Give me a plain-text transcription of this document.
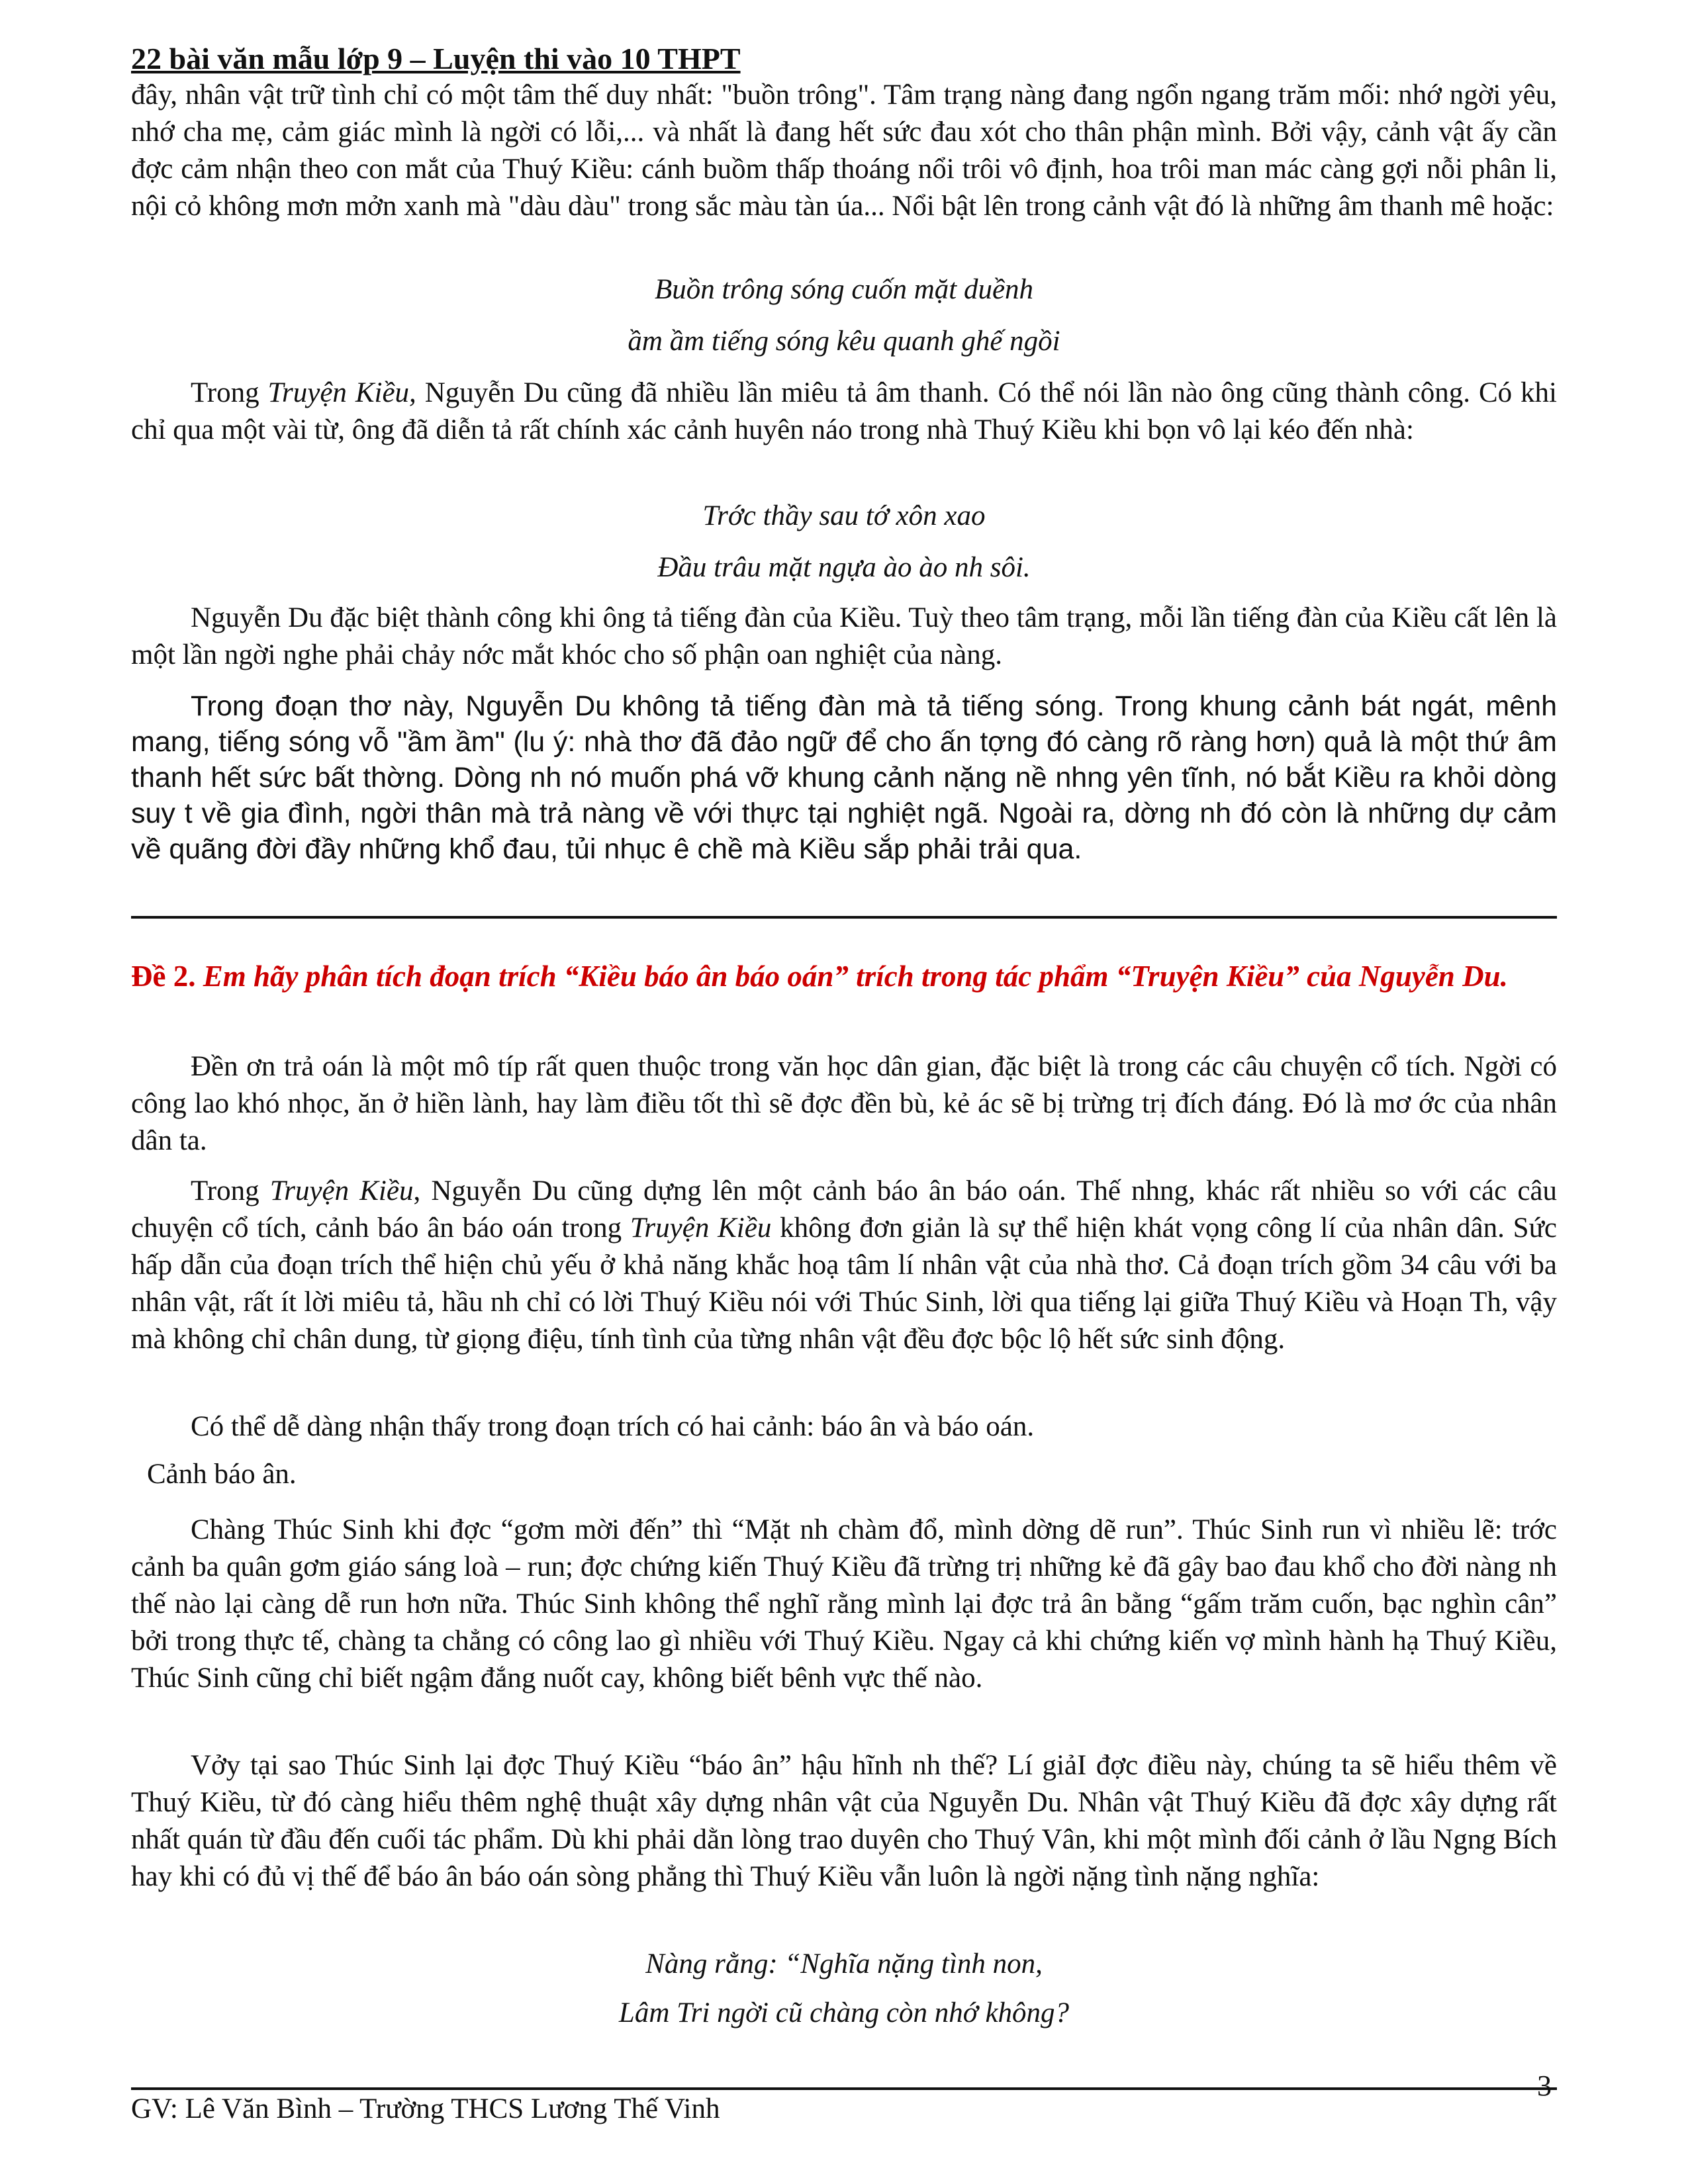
22 bài văn mẫu lớp 9 – Luyện thi vào 10 THPT

đây, nhân vật trữ tình chỉ có một tâm thế duy nhất: "buồn trông". Tâm trạng nàng đang ngổn ngang trăm mối: nhớ ngời yêu, nhớ cha mẹ, cảm giác mình là ngời có lỗi,... và nhất là đang hết sức đau xót cho thân phận mình. Bởi vậy, cảnh vật ấy cần đợc cảm nhận theo con mắt của Thuý Kiều: cánh buồm thấp thoáng nổi trôi vô định, hoa trôi man mác càng gợi nỗi phân li, nội cỏ không mơn mởn xanh mà "dàu dàu" trong sắc màu tàn úa... Nổi bật lên trong cảnh vật đó là những âm thanh mê hoặc:

Buồn trông sóng cuốn mặt duềnh

ầm ầm tiếng sóng kêu quanh ghế ngồi

Trong Truyện Kiều, Nguyễn Du cũng đã nhiều lần miêu tả âm thanh. Có thể nói lần nào ông cũng thành công. Có khi chỉ qua một vài từ, ông đã diễn tả rất chính xác cảnh huyên náo trong nhà Thuý Kiều khi bọn vô lại kéo đến nhà:

Trớc thầy sau tớ xôn xao

Đầu trâu mặt ngựa ào ào nh sôi.

Nguyễn Du đặc biệt thành công khi ông tả tiếng đàn của Kiều. Tuỳ theo tâm trạng, mỗi lần tiếng đàn của Kiều cất lên là một lần ngời nghe phải chảy nớc mắt khóc cho số phận oan nghiệt của nàng.

Trong đoạn thơ này, Nguyễn Du không tả tiếng đàn mà tả tiếng sóng. Trong khung cảnh bát ngát, mênh mang, tiếng sóng vỗ "ầm ầm" (lu ý: nhà thơ đã đảo ngữ để cho ấn tợng đó càng rõ ràng hơn) quả là một thứ âm thanh hết sức bất thờng. Dòng nh nó muốn phá vỡ khung cảnh nặng nề nhng yên tĩnh, nó bắt Kiều ra khỏi dòng suy t về gia đình, ngời thân mà trả nàng về với thực tại nghiệt ngã. Ngoài ra, dờng nh đó còn là những dự cảm về quãng đời đầy những khổ đau, tủi nhục ê chề mà Kiều sắp phải trải qua.

Đề 2. Em hãy phân tích đoạn trích “Kiều báo ân báo oán” trích trong tác phẩm “Truyện Kiều” của Nguyễn Du.

Đền ơn trả oán là một mô típ rất quen thuộc trong văn học dân gian, đặc biệt là trong các câu chuyện cổ tích. Ngời có công lao khó nhọc, ăn ở hiền lành, hay làm điều tốt thì sẽ đợc đền bù, kẻ ác sẽ bị trừng trị đích đáng. Đó là mơ ớc của nhân dân ta.

Trong Truyện Kiều, Nguyễn Du cũng dựng lên một cảnh báo ân báo oán. Thế nhng, khác rất nhiều so với các câu chuyện cổ tích, cảnh báo ân báo oán trong Truyện Kiều không đơn giản là sự thể hiện khát vọng công lí của nhân dân. Sức hấp dẫn của đoạn trích thể hiện chủ yếu ở khả năng khắc hoạ tâm lí nhân vật của nhà thơ. Cả đoạn trích gồm 34 câu với ba nhân vật, rất ít lời miêu tả, hầu nh chỉ có lời Thuý Kiều nói với Thúc Sinh, lời qua tiếng lại giữa Thuý Kiều và Hoạn Th, vậy mà không chỉ chân dung, từ giọng điệu, tính tình của từng nhân vật đều đợc bộc lộ hết sức sinh động.

Có thể dễ dàng nhận thấy trong đoạn trích có hai cảnh: báo ân và báo oán.

Cảnh báo ân.

Chàng Thúc Sinh khi đợc “gơm mời đến” thì “Mặt nh chàm đổ, mình dờng dẽ run”. Thúc Sinh run vì nhiều lẽ: trớc cảnh ba quân gơm giáo sáng loà – run; đợc chứng kiến Thuý Kiều đã trừng trị những kẻ đã gây bao đau khổ cho đời nàng nh thế nào lại càng dễ run hơn nữa. Thúc Sinh không thể nghĩ rằng mình lại đợc trả ân bằng “gấm trăm cuốn, bạc nghìn cân” bởi trong thực tế, chàng ta chẳng có công lao gì nhiều với Thuý Kiều. Ngay cả khi chứng kiến vợ mình hành hạ Thuý Kiều, Thúc Sinh cũng chỉ biết ngậm đắng nuốt cay, không biết bênh vực thế nào.

Vởy tại sao Thúc Sinh lại đợc Thuý Kiều “báo ân” hậu hĩnh nh thế? Lí giảI đợc điều này, chúng ta sẽ hiểu thêm về Thuý Kiều, từ đó càng hiểu thêm nghệ thuật xây dựng nhân vật của Nguyễn Du. Nhân vật Thuý Kiều đã đợc xây dựng rất nhất quán từ đầu đến cuối tác phẩm. Dù khi phải dằn lòng trao duyên cho Thuý Vân, khi một mình đối cảnh ở lầu Ngng Bích hay khi có đủ vị thế để báo ân báo oán sòng phẳng thì Thuý Kiều vẫn luôn là ngời nặng tình nặng nghĩa:

Nàng rằng: “Nghĩa nặng tình non,

Lâm Tri ngời cũ chàng còn nhớ không?

3

GV: Lê Văn Bình – Trường THCS Lương Thế Vinh
